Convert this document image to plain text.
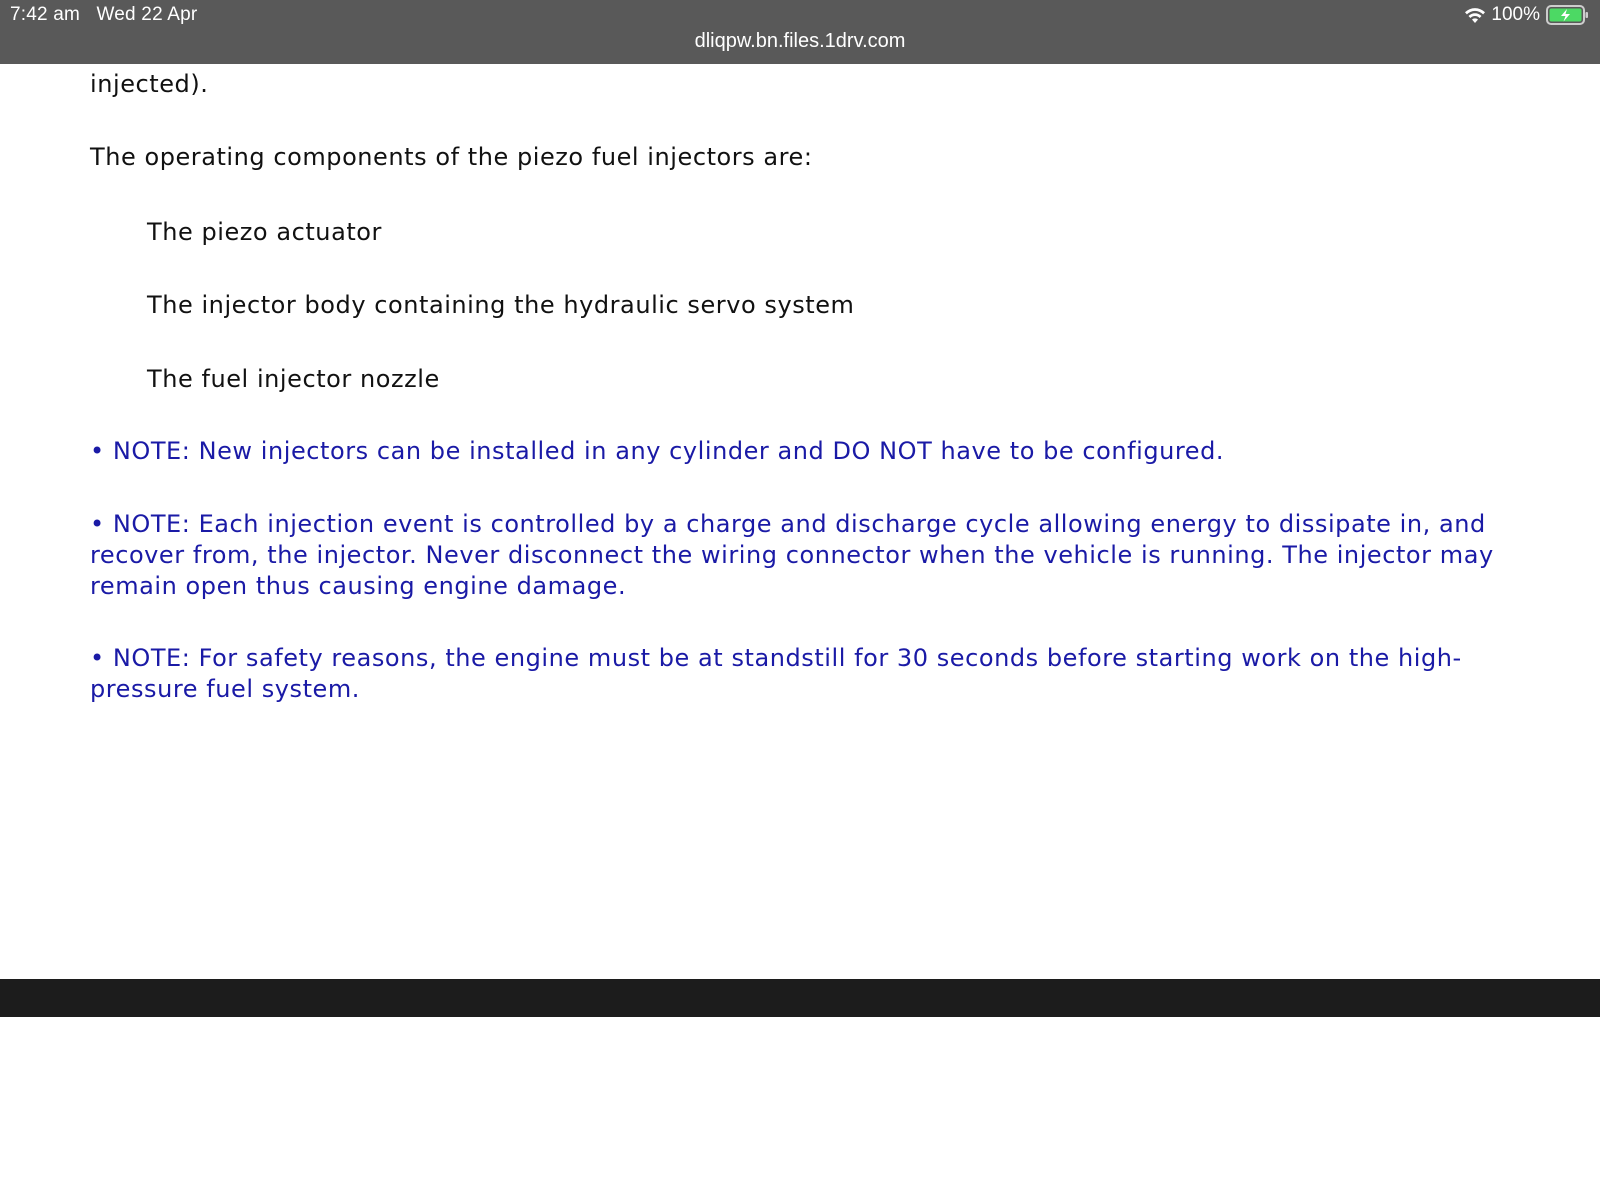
7:42 am Wed 22 Apr	100%
dliqpw.bn.files.1drv.com

injected).

The operating components of the piezo fuel injectors are:

The piezo actuator

The injector body containing the hydraulic servo system

The fuel injector nozzle

• NOTE: New injectors can be installed in any cylinder and DO NOT have to be configured.

• NOTE: Each injection event is controlled by a charge and discharge cycle allowing energy to dissipate in, and recover from, the injector. Never disconnect the wiring connector when the vehicle is running. The injector may remain open thus causing engine damage.

• NOTE: For safety reasons, the engine must be at standstill for 30 seconds before starting work on the high-pressure fuel system.
